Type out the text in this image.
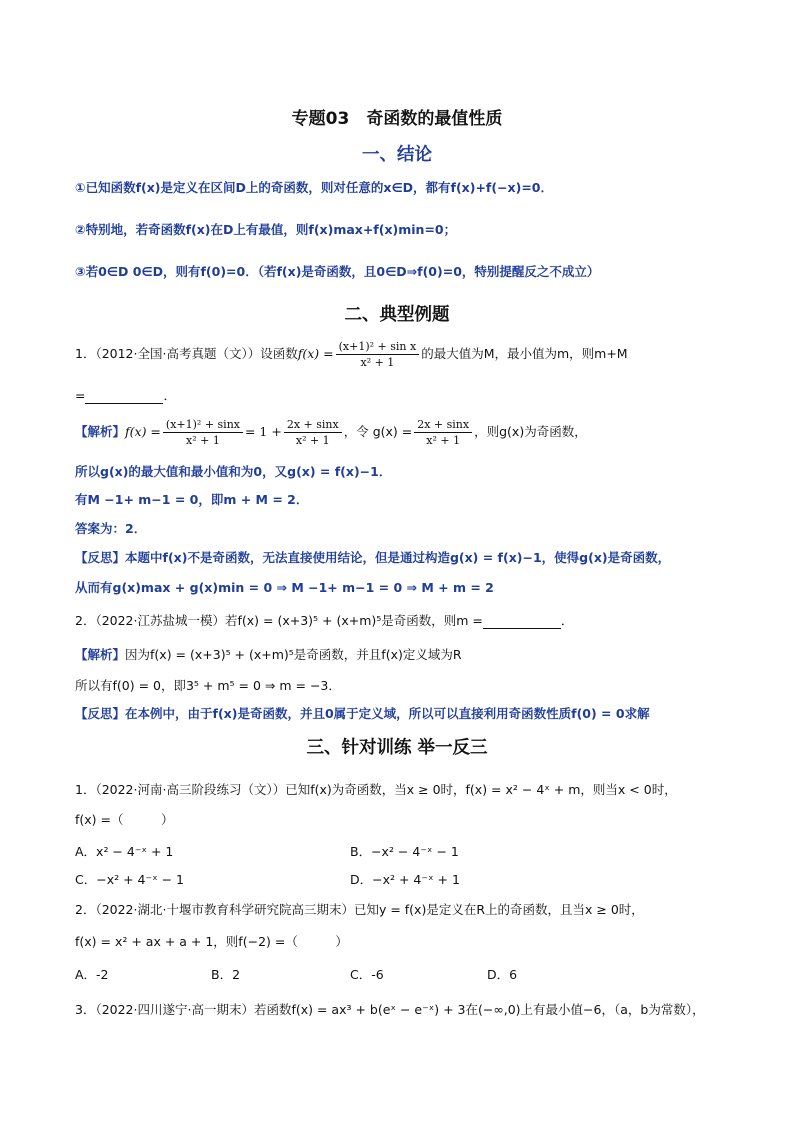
专题03　奇函数的最值性质
一、结论
①已知函数f(x)是定义在区间D上的奇函数，则对任意的x∈D，都有f(x)+f(−x)=0．
②特别地，若奇函数f(x)在D上有最值，则f(x)max+f(x)min=0；
③若0∈D 0∈D，则有f(0)=0．（若f(x)是奇函数，且0∈D⇒f(0)=0，特别提醒反之不成立）
二、典型例题
1．（2012·全国·高考真题（文））设函数$f(x) = \frac{\text{(x+1)² + sin x}}{\text{x² + 1}}$ 的最大值为M，最小值为m，则m+M
=	．
【解析】$f(x) = \frac{\text{(x+1)² + sinx}}{\text{x² + 1}} = 1 + \frac{2x + \sin x}{\text{x² + 1}}$ ，令 $g(x) = \frac{2x + \sin x}{\text{x² + 1}}$ ，则g(x)为奇函数，
所以g(x)的最大值和最小值和为0，又g(x) = f(x)−1．
有M −1+ m−1 = 0，即m + M = 2．
答案为：2．
【反思】本题中f(x)不是奇函数，无法直接使用结论，但是通过构造g(x) = f(x)−1，使得g(x)是奇函数，
从而有g(x)max + g(x)min = 0 ⇒ M −1+ m−1 = 0 ⇒ M + m = 2
2．（2022·江苏盐城一模）若f(x) = (x+3)⁵ + (x+m)⁵是奇函数，则m =	．
【解析】因为f(x) = (x+3)⁵ + (x+m)⁵是奇函数，并且f(x)定义域为R
所以有f(0) = 0，即3⁵ + m⁵ = 0 ⇒ m = −3．
【反思】在本例中，由于f(x)是奇函数，并且0属于定义域，所以可以直接利用奇函数性质f(0) = 0求解
三、针对训练 举一反三
1．（2022·河南·高三阶段练习（文））已知f(x)为奇函数，当x ≥ 0时，f(x) = x² − 4ˣ + m，则当x < 0时，
f(x) =（　　　）
A．x² − 4⁻ˣ + 1	B．−x² − 4⁻ˣ − 1
C．−x² + 4⁻ˣ − 1	D．−x² + 4⁻ˣ + 1
2．（2022·湖北·十堰市教育科学研究院高三期末）已知y = f(x)是定义在R上的奇函数，且当x ≥ 0时，
f(x) = x² + ax + a + 1，则f(−2) =（　　　）
A．-2	B．2	C．-6	D．6
3．（2022·四川遂宁·高一期末）若函数f(x) = ax³ + b(eˣ − e⁻ˣ) + 3在(−∞,0)上有最小值−6，（a，b为常数），
